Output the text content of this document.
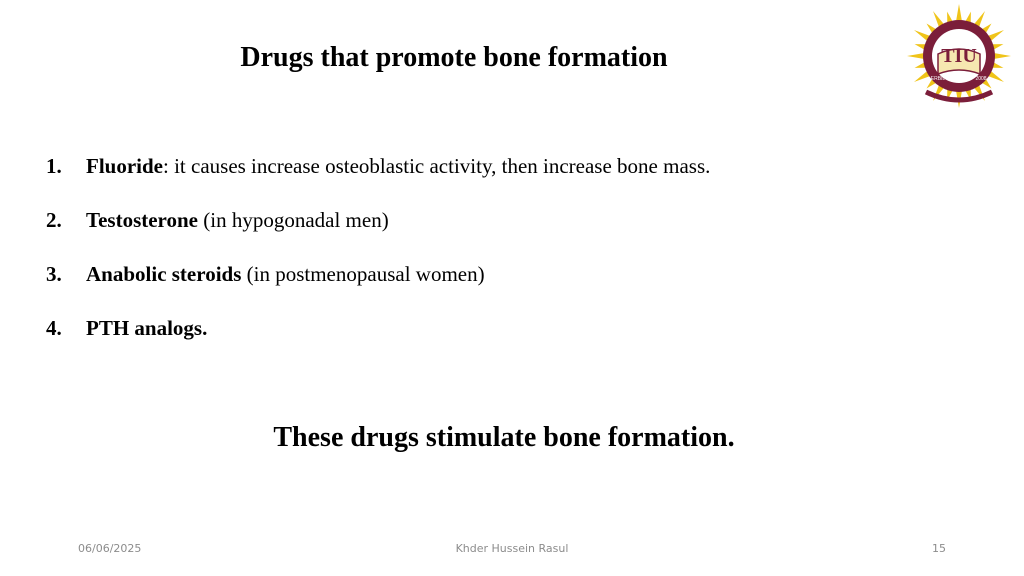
Drugs that promote bone formation	TIU
ERBIL	2008
1. Fluoride: it causes increase osteoblastic activity, then increase bone mass.
2. Testosterone (in hypogonadal men)
3. Anabolic steroids (in postmenopausal women)
4. PTH analogs.

These drugs stimulate bone formation.

06/06/2025	Khder Hussein Rasul	15
